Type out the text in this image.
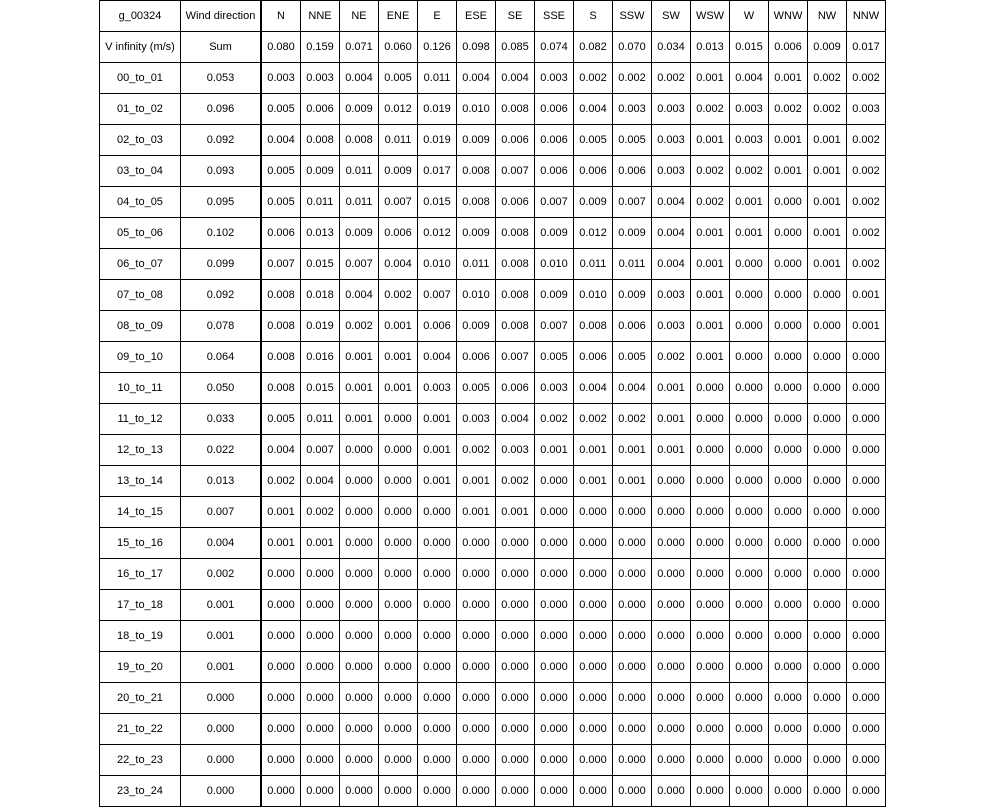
g_00324	Wind direction	N	NNE	NE	ENE	E	ESE	SE	SSE	S	SSW	SW	WSW	W	WNW	NW	NNW
V infinity (m/s)	Sum	0.080	0.159	0.071	0.060	0.126	0.098	0.085	0.074	0.082	0.070	0.034	0.013	0.015	0.006	0.009	0.017
00_to_01	0.053	0.003	0.003	0.004	0.005	0.011	0.004	0.004	0.003	0.002	0.002	0.002	0.001	0.004	0.001	0.002	0.002
01_to_02	0.096	0.005	0.006	0.009	0.012	0.019	0.010	0.008	0.006	0.004	0.003	0.003	0.002	0.003	0.002	0.002	0.003
02_to_03	0.092	0.004	0.008	0.008	0.011	0.019	0.009	0.006	0.006	0.005	0.005	0.003	0.001	0.003	0.001	0.001	0.002
03_to_04	0.093	0.005	0.009	0.011	0.009	0.017	0.008	0.007	0.006	0.006	0.006	0.003	0.002	0.002	0.001	0.001	0.002
04_to_05	0.095	0.005	0.011	0.011	0.007	0.015	0.008	0.006	0.007	0.009	0.007	0.004	0.002	0.001	0.000	0.001	0.002
05_to_06	0.102	0.006	0.013	0.009	0.006	0.012	0.009	0.008	0.009	0.012	0.009	0.004	0.001	0.001	0.000	0.001	0.002
06_to_07	0.099	0.007	0.015	0.007	0.004	0.010	0.011	0.008	0.010	0.011	0.011	0.004	0.001	0.000	0.000	0.001	0.002
07_to_08	0.092	0.008	0.018	0.004	0.002	0.007	0.010	0.008	0.009	0.010	0.009	0.003	0.001	0.000	0.000	0.000	0.001
08_to_09	0.078	0.008	0.019	0.002	0.001	0.006	0.009	0.008	0.007	0.008	0.006	0.003	0.001	0.000	0.000	0.000	0.001
09_to_10	0.064	0.008	0.016	0.001	0.001	0.004	0.006	0.007	0.005	0.006	0.005	0.002	0.001	0.000	0.000	0.000	0.000
10_to_11	0.050	0.008	0.015	0.001	0.001	0.003	0.005	0.006	0.003	0.004	0.004	0.001	0.000	0.000	0.000	0.000	0.000
11_to_12	0.033	0.005	0.011	0.001	0.000	0.001	0.003	0.004	0.002	0.002	0.002	0.001	0.000	0.000	0.000	0.000	0.000
12_to_13	0.022	0.004	0.007	0.000	0.000	0.001	0.002	0.003	0.001	0.001	0.001	0.001	0.000	0.000	0.000	0.000	0.000
13_to_14	0.013	0.002	0.004	0.000	0.000	0.001	0.001	0.002	0.000	0.001	0.001	0.000	0.000	0.000	0.000	0.000	0.000
14_to_15	0.007	0.001	0.002	0.000	0.000	0.000	0.001	0.001	0.000	0.000	0.000	0.000	0.000	0.000	0.000	0.000	0.000
15_to_16	0.004	0.001	0.001	0.000	0.000	0.000	0.000	0.000	0.000	0.000	0.000	0.000	0.000	0.000	0.000	0.000	0.000
16_to_17	0.002	0.000	0.000	0.000	0.000	0.000	0.000	0.000	0.000	0.000	0.000	0.000	0.000	0.000	0.000	0.000	0.000
17_to_18	0.001	0.000	0.000	0.000	0.000	0.000	0.000	0.000	0.000	0.000	0.000	0.000	0.000	0.000	0.000	0.000	0.000
18_to_19	0.001	0.000	0.000	0.000	0.000	0.000	0.000	0.000	0.000	0.000	0.000	0.000	0.000	0.000	0.000	0.000	0.000
19_to_20	0.001	0.000	0.000	0.000	0.000	0.000	0.000	0.000	0.000	0.000	0.000	0.000	0.000	0.000	0.000	0.000	0.000
20_to_21	0.000	0.000	0.000	0.000	0.000	0.000	0.000	0.000	0.000	0.000	0.000	0.000	0.000	0.000	0.000	0.000	0.000
21_to_22	0.000	0.000	0.000	0.000	0.000	0.000	0.000	0.000	0.000	0.000	0.000	0.000	0.000	0.000	0.000	0.000	0.000
22_to_23	0.000	0.000	0.000	0.000	0.000	0.000	0.000	0.000	0.000	0.000	0.000	0.000	0.000	0.000	0.000	0.000	0.000
23_to_24	0.000	0.000	0.000	0.000	0.000	0.000	0.000	0.000	0.000	0.000	0.000	0.000	0.000	0.000	0.000	0.000	0.000
